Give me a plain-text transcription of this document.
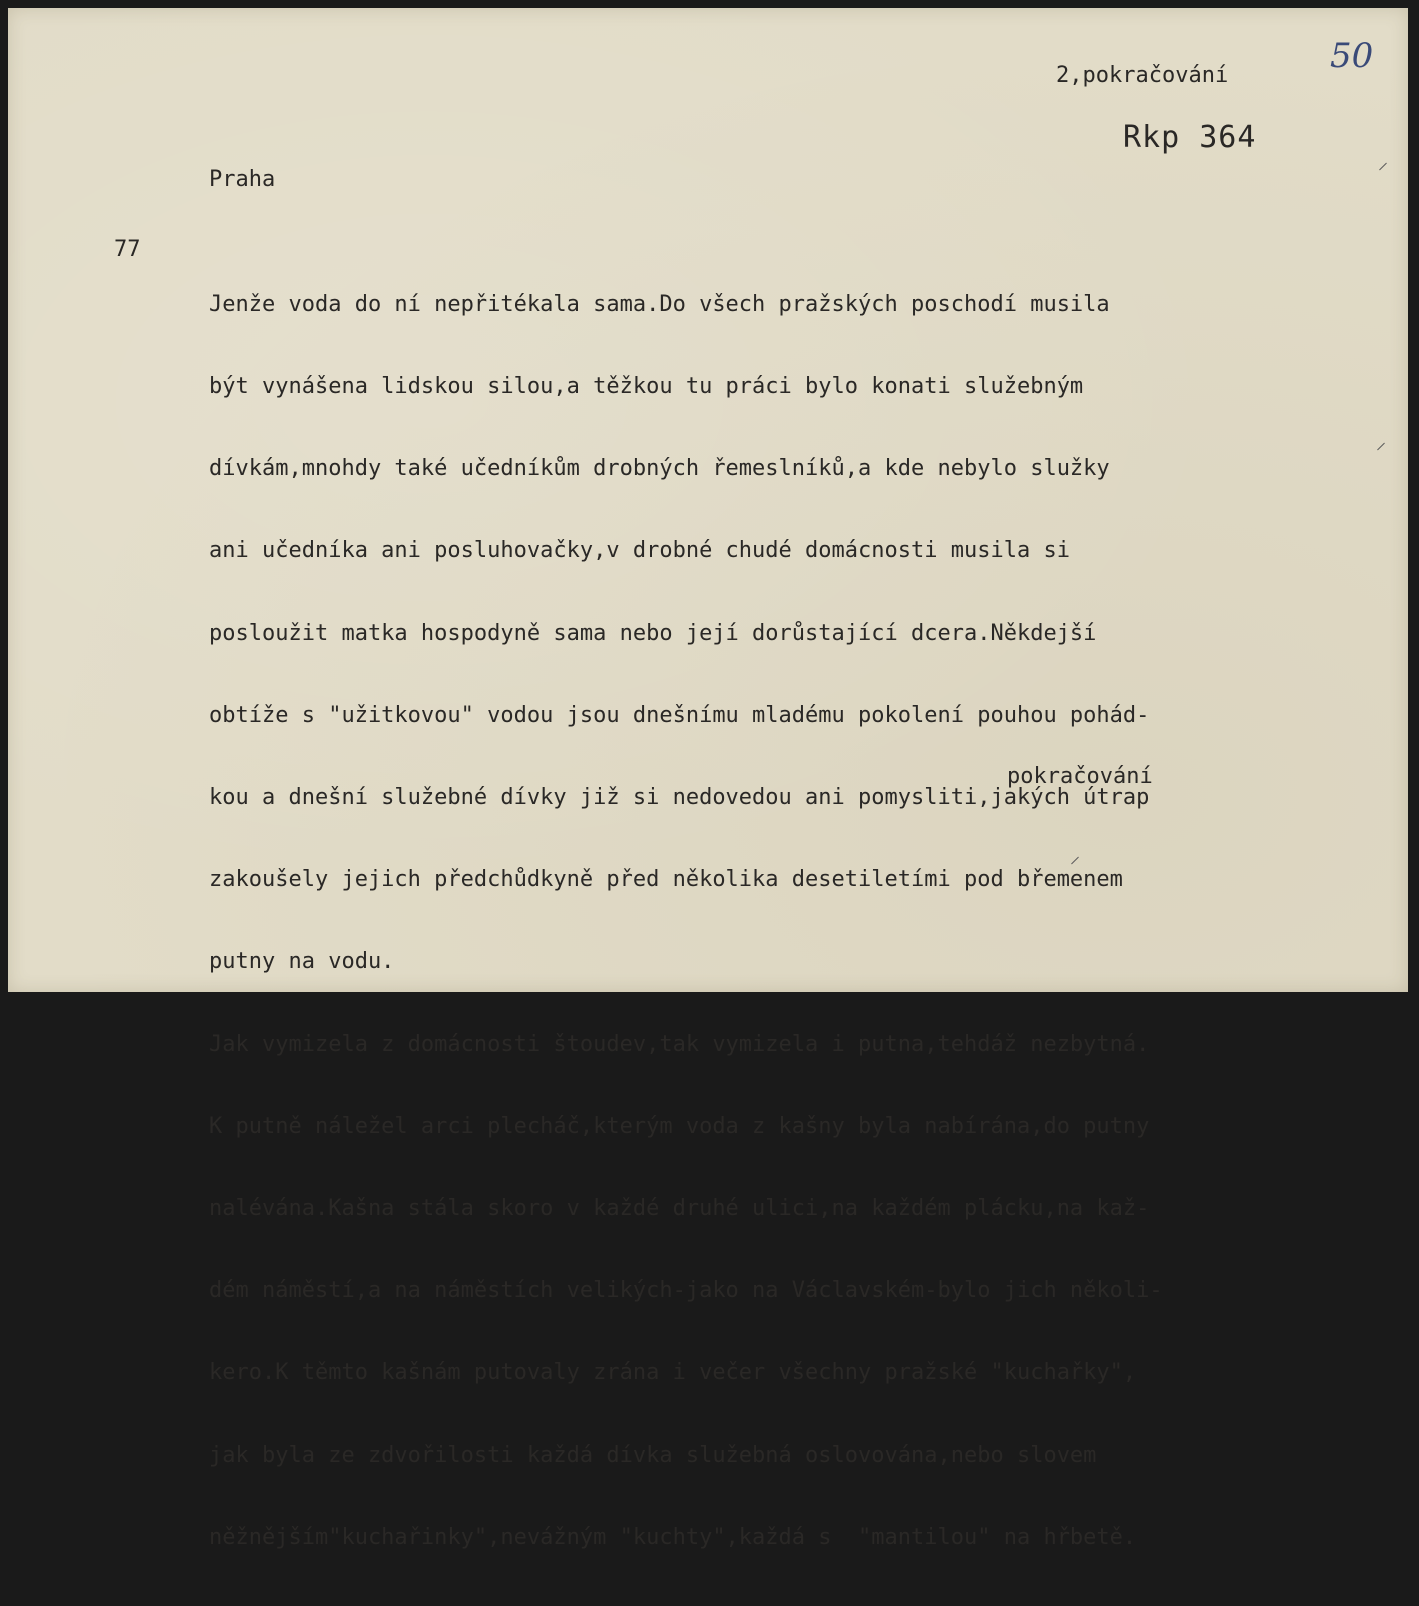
2,pokračování
Rkp 364
50
Praha
77

Jenže voda do ní nepřitékala sama.Do všech pražských poschodí musila

být vynášena lidskou silou,a těžkou tu práci bylo konati služebným

dívkám,mnohdy také učedníkům drobných řemeslníků,a kde nebylo služky

ani učedníka ani posluhovačky,v drobné chudé domácnosti musila si

posloužit matka hospodyně sama nebo její dorůstající dcera.Někdejší

obtíže s "užitkovou" vodou jsou dnešnímu mladému pokolení pouhou pohád-

kou a dnešní služebné dívky již si nedovedou ani pomysliti,jakých útrap

zakoušely jejich předchůdkyně před několika desetiletími pod břemenem

putny na vodu.

Jak vymizela z domácnosti štoudev,tak vymizela i putna,tehdáž nezbytná.

K putně náležel arci plecháč,kterým voda z kašny byla nabírána,do putny

nalévána.Kašna stála skoro v každé druhé ulici,na každém plácku,na kaž-

dém náměstí,a na náměstích velikých-jako na Václavském-bylo jich několi-

kero.K těmto kašnám putovaly zrána i večer všechny pražské "kuchařky",

jak byla ze zdvořilosti každá dívka služebná oslovována,nebo slovem

něžnějším"kuchařinky",nevážným "kuchty",každá s  "mantilou" na hřbetě.

pokračování
